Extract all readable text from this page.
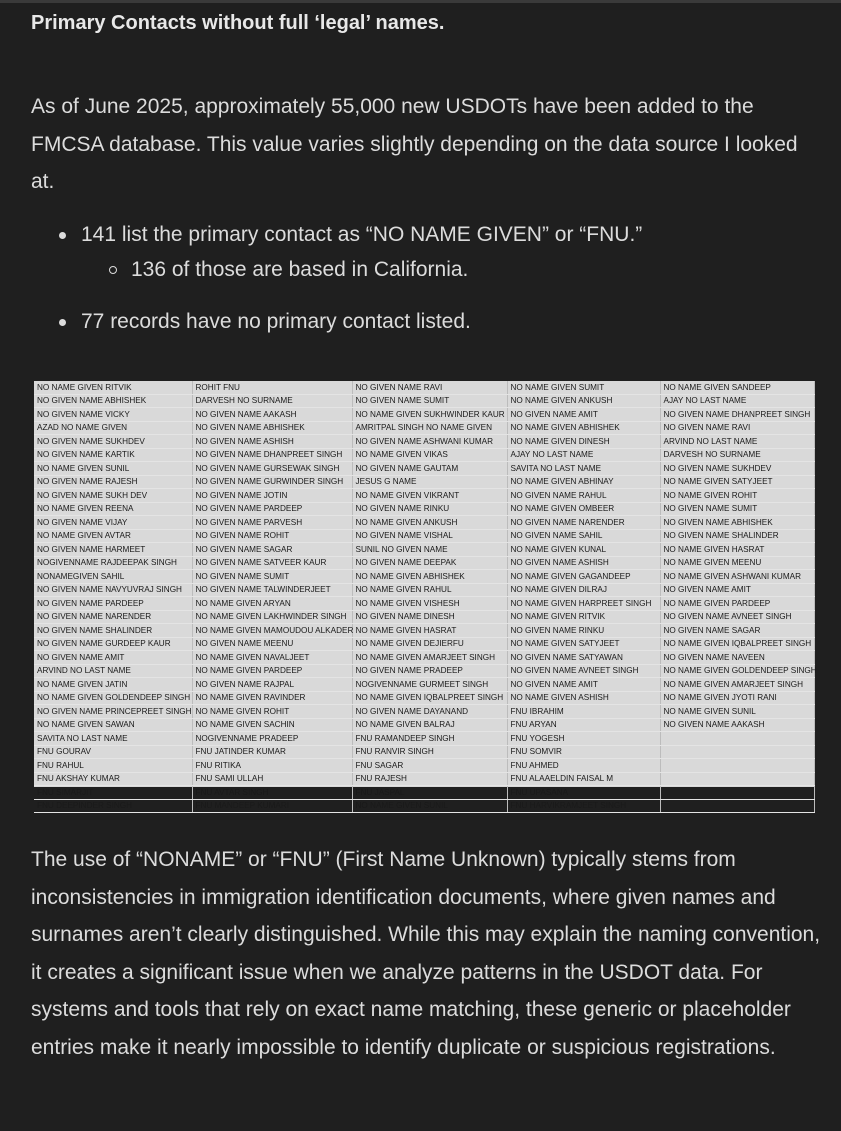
Primary Contacts without full ‘legal’ names.

As of June 2025, approximately 55,000 new USDOTs have been added to the FMCSA database. This value varies slightly depending on the data source I looked at.

141 list the primary contact as “NO NAME GIVEN” or “FNU.”
136 of those are based in California.
77 records have no primary contact listed.
NO NAME GIVEN RITVIK	ROHIT FNU	NO GIVEN NAME RAVI	NO NAME GIVEN SUMIT	NO NAME GIVEN SANDEEP
NO GIVEN NAME ABHISHEK	DARVESH NO SURNAME	NO GIVEN NAME SUMIT	NO NAME GIVEN ANKUSH	AJAY NO LAST NAME
NO GIVEN NAME VICKY	NO GIVEN NAME AAKASH	NO NAME GIVEN SUKHWINDER KAUR	NO GIVEN NAME AMIT	NO GIVEN NAME DHANPREET SINGH
AZAD NO NAME GIVEN	NO GIVEN NAME ABHISHEK	AMRITPAL SINGH NO NAME GIVEN	NO NAME GIVEN ABHISHEK	NO GIVEN NAME RAVI
NO GIVEN NAME SUKHDEV	NO GIVEN NAME ASHISH	NO GIVEN NAME ASHWANI KUMAR	NO NAME GIVEN DINESH	ARVIND NO LAST NAME
NO GIVEN NAME KARTIK	NO GIVEN NAME DHANPREET SINGH	NO NAME GIVEN VIKAS	AJAY NO LAST NAME	DARVESH NO SURNAME
NO NAME GIVEN SUNIL	NO GIVEN NAME GURSEWAK SINGH	NO GIVEN NAME GAUTAM	SAVITA NO LAST NAME	NO GIVEN NAME SUKHDEV
NO GIVEN NAME RAJESH	NO GIVEN NAME GURWINDER SINGH	JESUS G NAME	NO NAME GIVEN ABHINAY	NO NAME GIVEN SATYJEET
NO GIVEN NAME SUKH DEV	NO GIVEN NAME JOTIN	NO NAME GIVEN VIKRANT	NO GIVEN NAME RAHUL	NO NAME GIVEN ROHIT
NO NAME GIVEN REENA	NO GIVEN NAME PARDEEP	NO GIVEN NAME RINKU	NO NAME GIVEN OMBEER	NO GIVEN NAME SUMIT
NO GIVEN NAME VIJAY	NO GIVEN NAME PARVESH	NO NAME GIVEN ANKUSH	NO GIVEN NAME NARENDER	NO GIVEN NAME ABHISHEK
NO NAME GIVEN AVTAR	NO GIVEN NAME ROHIT	NO GIVEN NAME VISHAL	NO GIVEN NAME SAHIL	NO GIVEN NAME SHALINDER
NO GIVEN NAME HARMEET	NO GIVEN NAME SAGAR	SUNIL NO GIVEN NAME	NO NAME GIVEN KUNAL	NO NAME GIVEN HASRAT
NOGIVENNAME RAJDEEPAK SINGH	NO GIVEN NAME SATVEER KAUR	NO GIVEN NAME DEEPAK	NO GIVEN NAME ASHISH	NO NAME GIVEN MEENU
NONAMEGIVEN SAHIL	NO GIVEN NAME SUMIT	NO NAME GIVEN ABHISHEK	NO NAME GIVEN GAGANDEEP	NO NAME GIVEN ASHWANI KUMAR
NO GIVEN NAME NAVYUVRAJ SINGH	NO GIVEN NAME TALWINDERJEET	NO NAME GIVEN RAHUL	NO NAME GIVEN DILRAJ	NO GIVEN NAME AMIT
NO GIVEN NAME PARDEEP	NO NAME GIVEN ARYAN	NO NAME GIVEN VISHESH	NO NAME GIVEN HARPREET SINGH	NO NAME GIVEN PARDEEP
NO GIVEN NAME NARENDER	NO NAME GIVEN LAKHWINDER SINGH	NO GIVEN NAME DINESH	NO NAME GIVEN RITVIK	NO GIVEN NAME AVNEET SINGH
NO GIVEN NAME SHALINDER	NO NAME GIVEN MAMOUDOU ALKADER	NO NAME GIVEN HASRAT	NO GIVEN NAME RINKU	NO GIVEN NAME SAGAR
NO GIVEN NAME GURDEEP KAUR	NO GIVEN NAME MEENU	NO NAME GIVEN DEJIERFU	NO NAME GIVEN SATYJEET	NO NAME GIVEN IQBALPREET SINGH
NO GIVEN NAME AMIT	NO NAME GIVEN NAVALJEET	NO NAME GIVEN AMARJEET SINGH	NO GIVEN NAME SATYAWAN	NO GIVEN NAME NAVEEN
ARVIND NO LAST NAME	NO NAME GIVEN PARDEEP	NO GIVEN NAME PRADEEP	NO GIVEN NAME AVNEET SINGH	NO NAME GIVEN GOLDENDEEP SINGH
NO NAME GIVEN JATIN	NO GIVEN NAME RAJPAL	NOGIVENNAME GURMEET SINGH	NO GIVEN NAME AMIT	NO NAME GIVEN AMARJEET SINGH
NO NAME GIVEN GOLDENDEEP SINGH	NO NAME GIVEN RAVINDER	NO NAME GIVEN IQBALPREET SINGH	NO NAME GIVEN ASHISH	NO NAME GIVEN JYOTI RANI
NO GIVEN NAME PRINCEPREET SINGH	NO NAME GIVEN ROHIT	NO GIVEN NAME DAYANAND	FNU IBRAHIM	NO NAME GIVEN SUNIL
NO NAME GIVEN SAWAN	NO NAME GIVEN SACHIN	NO NAME GIVEN BALRAJ	FNU ARYAN	NO GIVEN NAME AAKASH
SAVITA NO LAST NAME	NOGIVENNAME PRADEEP	FNU RAMANDEEP SINGH	FNU YOGESH	
FNU GOURAV	FNU JATINDER KUMAR	FNU RANVIR SINGH	FNU SOMVIR	
FNU RAHUL	FNU RITIKA	FNU SAGAR	FNU AHMED	
FNU AKSHAY KUMAR	FNU SAMI ULLAH	FNU RAJESH	FNU ALAAELDIN FAISAL M	
FNU SIMARJIT	FNU AVTAR SINGH	FNU JASPAL	FNU UPASANA	
FNU DEEPINDER SINGH	FNU MANDEEP KUMARI	NO NAME GIVEN SUNIL	FNU HARVIKRAMJEET SINGH	

The use of “NONAME” or “FNU” (First Name Unknown) typically stems from inconsistencies in immigration identification documents, where given names and surnames aren’t clearly distinguished. While this may explain the naming convention, it creates a significant issue when we analyze patterns in the USDOT data. For systems and tools that rely on exact name matching, these generic or placeholder entries make it nearly impossible to identify duplicate or suspicious registrations.
